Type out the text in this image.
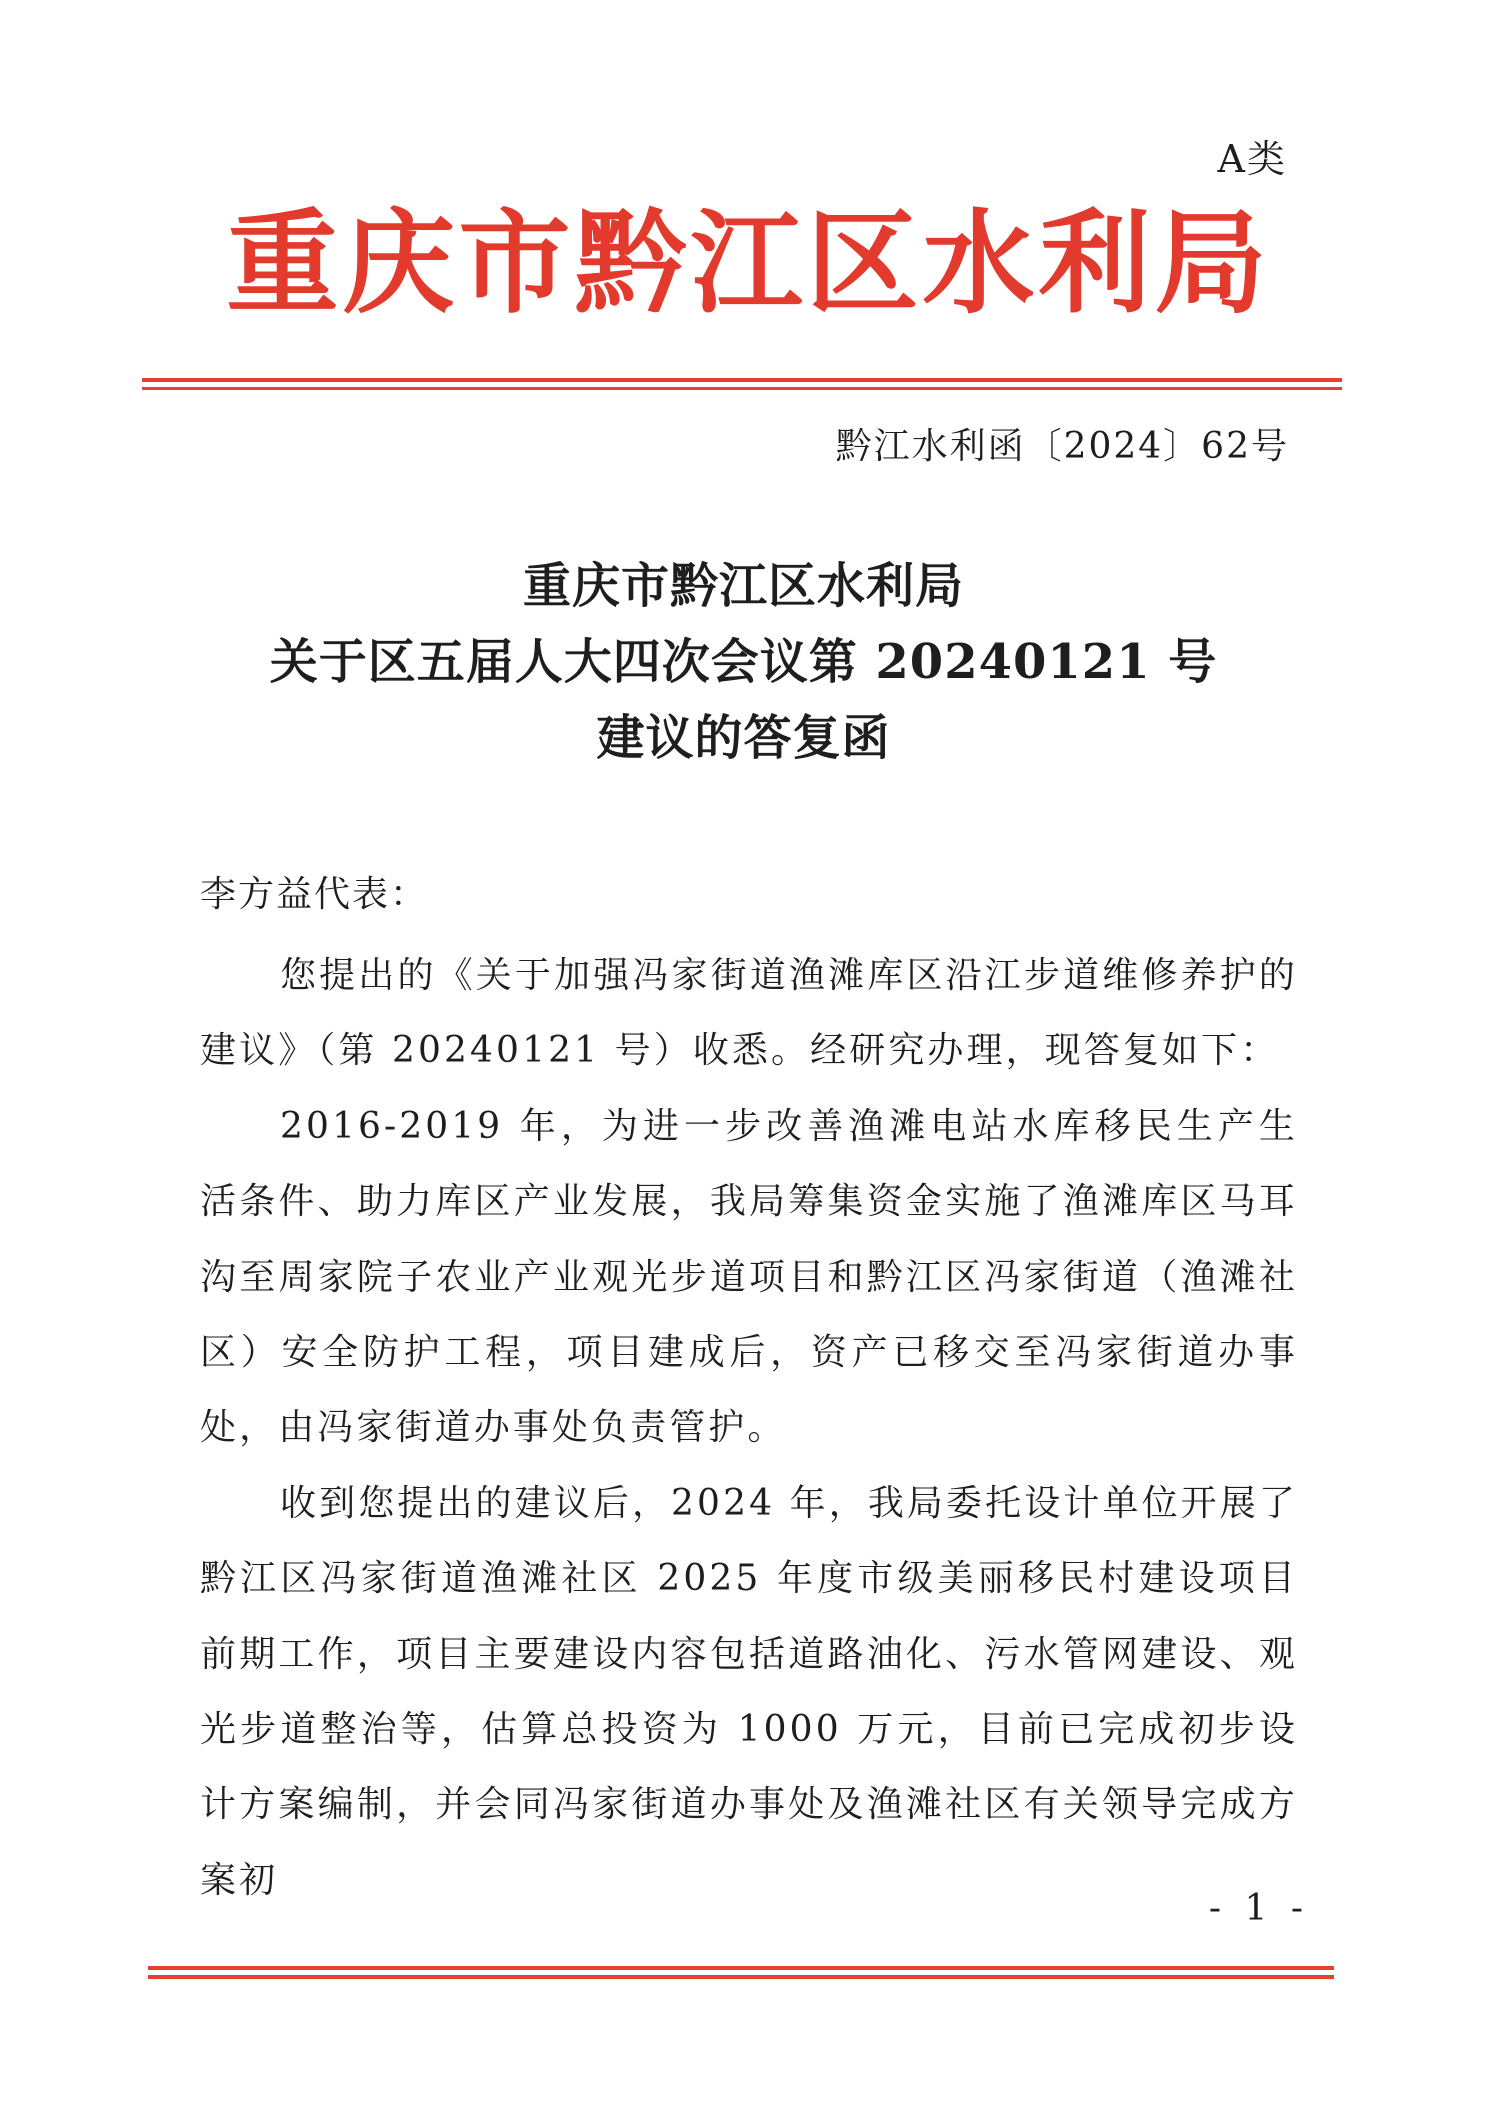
A类
重庆市黔江区水利局
黔江水利函〔2024〕62号
重庆市黔江区水利局
关于区五届人大四次会议第 20240121 号
建议的答复函
李方益代表：

您提出的《关于加强冯家街道渔滩库区沿江步道维修养护的建议》（第 20240121 号）收悉。经研究办理，现答复如下：

2016-2019 年，为进一步改善渔滩电站水库移民生产生活条件、助力库区产业发展，我局筹集资金实施了渔滩库区马耳沟至周家院子农业产业观光步道项目和黔江区冯家街道（渔滩社区）安全防护工程，项目建成后，资产已移交至冯家街道办事处，由冯家街道办事处负责管护。

收到您提出的建议后，2024 年，我局委托设计单位开展了黔江区冯家街道渔滩社区 2025 年度市级美丽移民村建设项目前期工作，项目主要建设内容包括道路油化、污水管网建设、观光步道整治等，估算总投资为 1000 万元，目前已完成初步设计方案编制，并会同冯家街道办事处及渔滩社区有关领导完成方案初

- 1 -
